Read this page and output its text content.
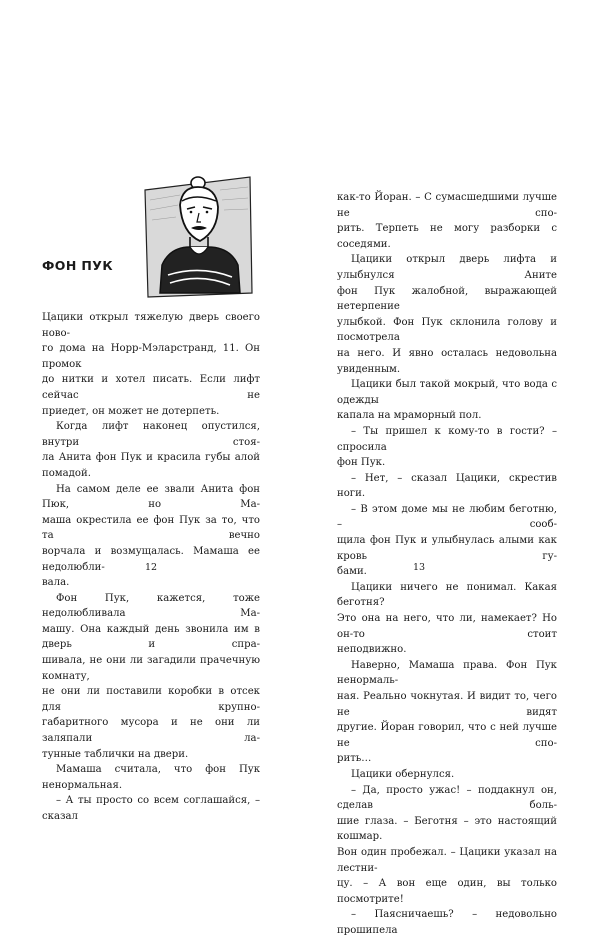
ФОН ПУК

Цацики открыл тяжелую дверь своего ново-

го дома на Норр-Мэларстранд, 11. Он промок

до нитки и хотел писать. Если лифт сейчас не

приедет, он может не дотерпеть.

Когда лифт наконец опустился, внутри стоя-

ла Анита фон Пук и красила губы алой помадой.

На самом деле ее звали Анита фон Пюк, но Ма-

маша окрестила ее фон Пук за то, что та вечно

ворчала и возмущалась. Мамаша ее недолюбли-

вала.

Фон Пук, кажется, тоже недолюбливала Ма-

машу. Она каждый день звонила им в дверь и спра-

шивала, не они ли загадили прачечную комнату,

не они ли поставили коробки в отсек для крупно-

габаритного мусора и не они ли заляпали ла-

тунные таблички на двери.

Мамаша считала, что фон Пук ненормальная.

– А ты просто со всем соглашайся, – сказал

12

как-то Йоран. – С сумасшедшими лучше не спо-

рить. Терпеть не могу разборки с соседями.

Цацики открыл дверь лифта и улыбнулся Аните

фон Пук жалобной, выражающей нетерпение

улыбкой. Фон Пук склонила голову и посмотрела

на него. И явно осталась недовольна увиденным.

Цацики был такой мокрый, что вода с одежды

капала на мраморный пол.

– Ты пришел к кому-то в гости? – спросила

фон Пук.

– Нет, – сказал Цацики, скрестив ноги.

– В этом доме мы не любим беготню, – сооб-

щила фон Пук и улыбнулась алыми как кровь гу-

бами.

Цацики ничего не понимал. Какая беготня?

Это она на него, что ли, намекает? Но он-то стоит

неподвижно.

Наверно, Мамаша права. Фон Пук ненормаль-

ная. Реально чокнутая. И видит то, чего не видят

другие. Йоран говорил, что с ней лучше не спо-

рить…

Цацики обернулся.

– Да, просто ужас! – поддакнул он, сделав боль-

шие глаза. – Беготня – это настоящий кошмар.

Вон один пробежал. – Цацики указал на лестни-

цу. – А вон еще один, вы только посмотрите!

– Паясничаешь? – недовольно прошипела

13
